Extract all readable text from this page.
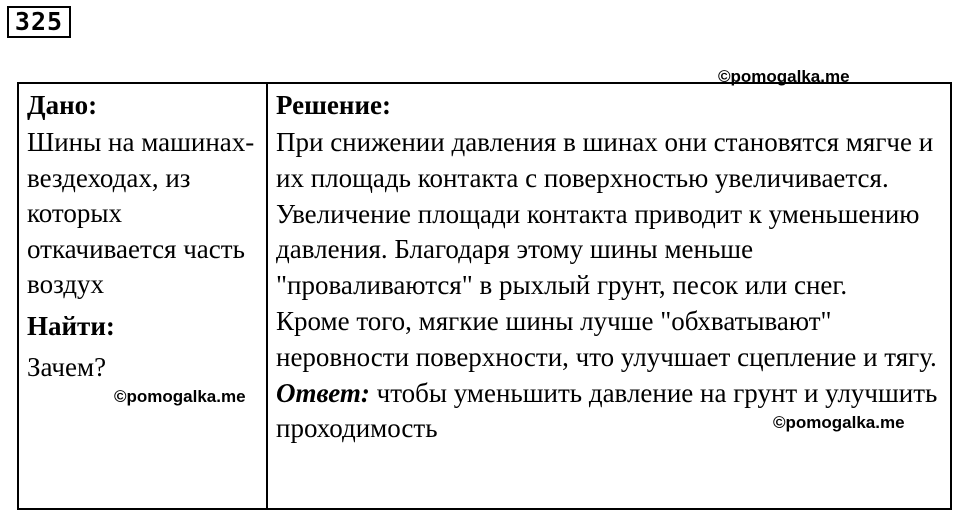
325
Дано:
Шины на машинах-вездеходах, из которых откачивается часть воздух
Найти:
Зачем?

Решение:
При снижении давления в шинах они становятся мягче и их площадь контакта с поверхностью увеличивается. Увеличение площади контакта приводит к уменьшению давления. Благодаря этому шины меньше "проваливаются" в рыхлый грунт, песок или снег.
Кроме того, мягкие шины лучше "обхватывают" неровности поверхности, что улучшает сцепление и тягу.
Ответ: чтобы уменьшить давление на грунт и улучшить проходимость
©pomogalka.me
©pomogalka.me
©pomogalka.me
